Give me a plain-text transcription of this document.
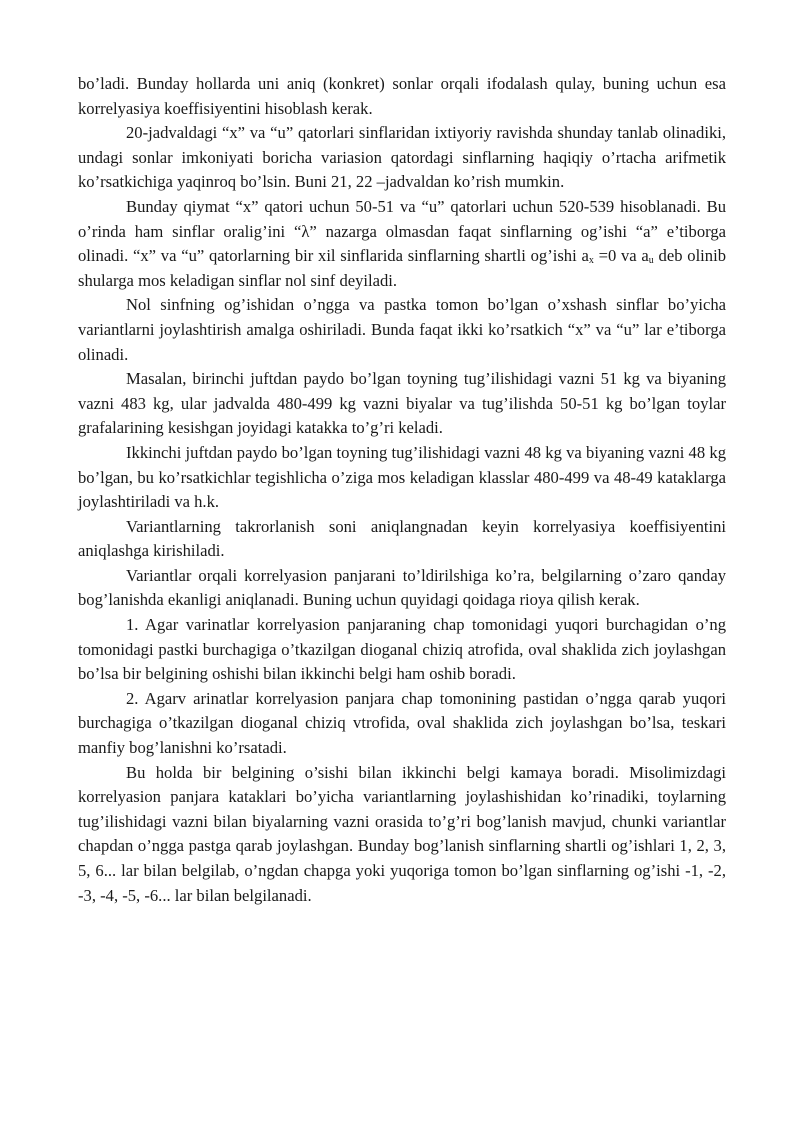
bo’ladi. Bunday hollarda uni aniq (konkret) sonlar orqali ifodalash qulay, buning uchun esa korrelyasiya koeffisiyentini hisoblash kerak.

20-jadvaldagi “x” va “u” qatorlari sinflaridan ixtiyoriy ravishda shunday tanlab olinadiki, undagi sonlar imkoniyati boricha variasion qatordagi sinflarning haqiqiy o’rtacha arifmetik ko’rsatkichiga yaqinroq bo’lsin. Buni 21, 22 –jadvaldan ko’rish mumkin.

Bunday qiymat “x” qatori uchun 50-51 va “u” qatorlari uchun 520-539 hisoblanadi. Bu o’rinda ham sinflar oralig’ini “λ” nazarga olmasdan faqat sinflarning og’ishi “a” e’tiborga olinadi. “x” va “u” qatorlarning bir xil sinflarida sinflarning shartli og’ishi $a_x =0$ va $a_u$ deb olinib shularga mos keladigan sinflar nol sinf deyiladi.

Nol sinfning og’ishidan o’ngga va pastka tomon bo’lgan o’xshash sinflar bo’yicha variantlarni joylashtirish amalga oshiriladi. Bunda faqat ikki ko’rsatkich “x” va “u” lar e’tiborga olinadi.

Masalan, birinchi juftdan paydo bo’lgan toyning tug’ilishidagi vazni 51 kg va biyaning vazni 483 kg, ular jadvalda 480-499 kg vazni biyalar va tug’ilishda 50-51 kg bo’lgan toylar grafalarining kesishgan joyidagi katakka to’g’ri keladi.

Ikkinchi juftdan paydo bo’lgan toyning tug’ilishidagi vazni 48 kg va biyaning vazni 48 kg bo’lgan, bu ko’rsatkichlar tegishlicha o’ziga mos keladigan klasslar 480-499 va 48-49 kataklarga joylashtiriladi va h.k.

Variantlarning takrorlanish soni aniqlangnadan keyin korrelyasiya koeffisiyentini aniqlashga kirishiladi.

Variantlar orqali korrelyasion panjarani to’ldirilshiga ko’ra, belgilarning o’zaro qanday bog’lanishda ekanligi aniqlanadi. Buning uchun quyidagi qoidaga rioya qilish kerak.

1. Agar varinatlar korrelyasion panjaraning chap tomonidagi yuqori burchagidan o’ng tomonidagi pastki burchagiga o’tkazilgan dioganal chiziq atrofida, oval shaklida zich joylashgan bo’lsa bir belgining oshishi bilan ikkinchi belgi ham oshib boradi.

2. Agarv arinatlar korrelyasion panjara chap tomonining pastidan o’ngga qarab yuqori burchagiga o’tkazilgan dioganal chiziq vtrofida, oval shaklida zich joylashgan bo’lsa, teskari manfiy bog’lanishni ko’rsatadi.

Bu holda bir belgining o’sishi bilan ikkinchi belgi kamaya boradi. Misolimizdagi korrelyasion panjara kataklari bo’yicha variantlarning joylashishidan ko’rinadiki, toylarning tug’ilishidagi vazni bilan biyalarning vazni orasida to’g’ri bog’lanish mavjud, chunki variantlar chapdan o’ngga pastga qarab joylashgan. Bunday bog’lanish sinflarning shartli og’ishlari 1, 2, 3, 5, 6... lar bilan belgilab, o’ngdan chapga yoki yuqoriga tomon bo’lgan sinflarning og’ishi -1, -2, -3, -4, -5, -6... lar bilan belgilanadi.
